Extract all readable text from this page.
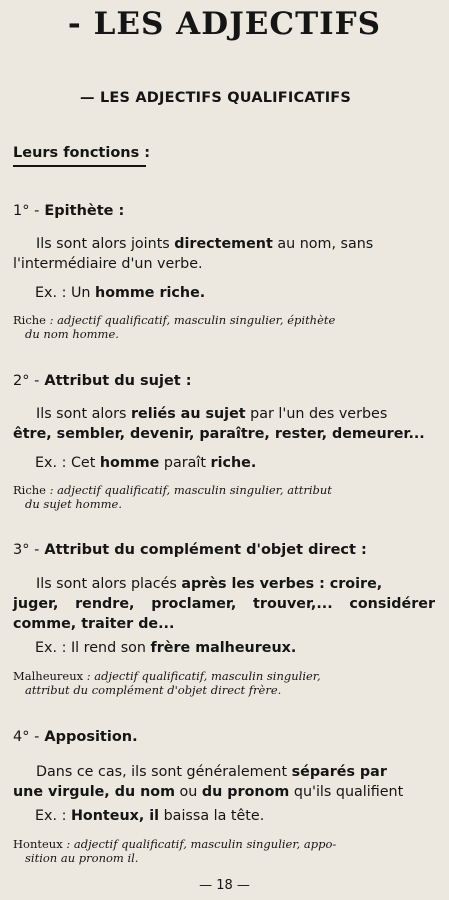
- LES ADJECTIFS
— LES ADJECTIFS QUALIFICATIFS
Leurs fonctions :
1° - Epithète :
Ils sont alors joints directement au nom, sans
l'intermédiaire d'un verbe.
Ex. : Un homme riche.
Riche : adjectif qualificatif, masculin singulier, épithète
du nom homme.
2° - Attribut du sujet :
Ils sont alors reliés au sujet par l'un des verbes
être, sembler, devenir, paraître, rester, demeurer...
Ex. : Cet homme paraît riche.
Riche : adjectif qualificatif, masculin singulier, attribut
du sujet homme.
3° - Attribut du complément d'objet direct :
Ils sont alors placés après les verbes : croire,
juger, rendre, proclamer, trouver,... considérer
comme, traiter de...
Ex. : Il rend son frère malheureux.
Malheureux : adjectif qualificatif, masculin singulier,
attribut du complément d'objet direct frère.
4° - Apposition.
Dans ce cas, ils sont généralement séparés par
une virgule, du nom ou du pronom qu'ils qualifient
Ex. : Honteux, il baissa la tête.
Honteux : adjectif qualificatif, masculin singulier, appo-
sition au pronom il.
— 18 —
